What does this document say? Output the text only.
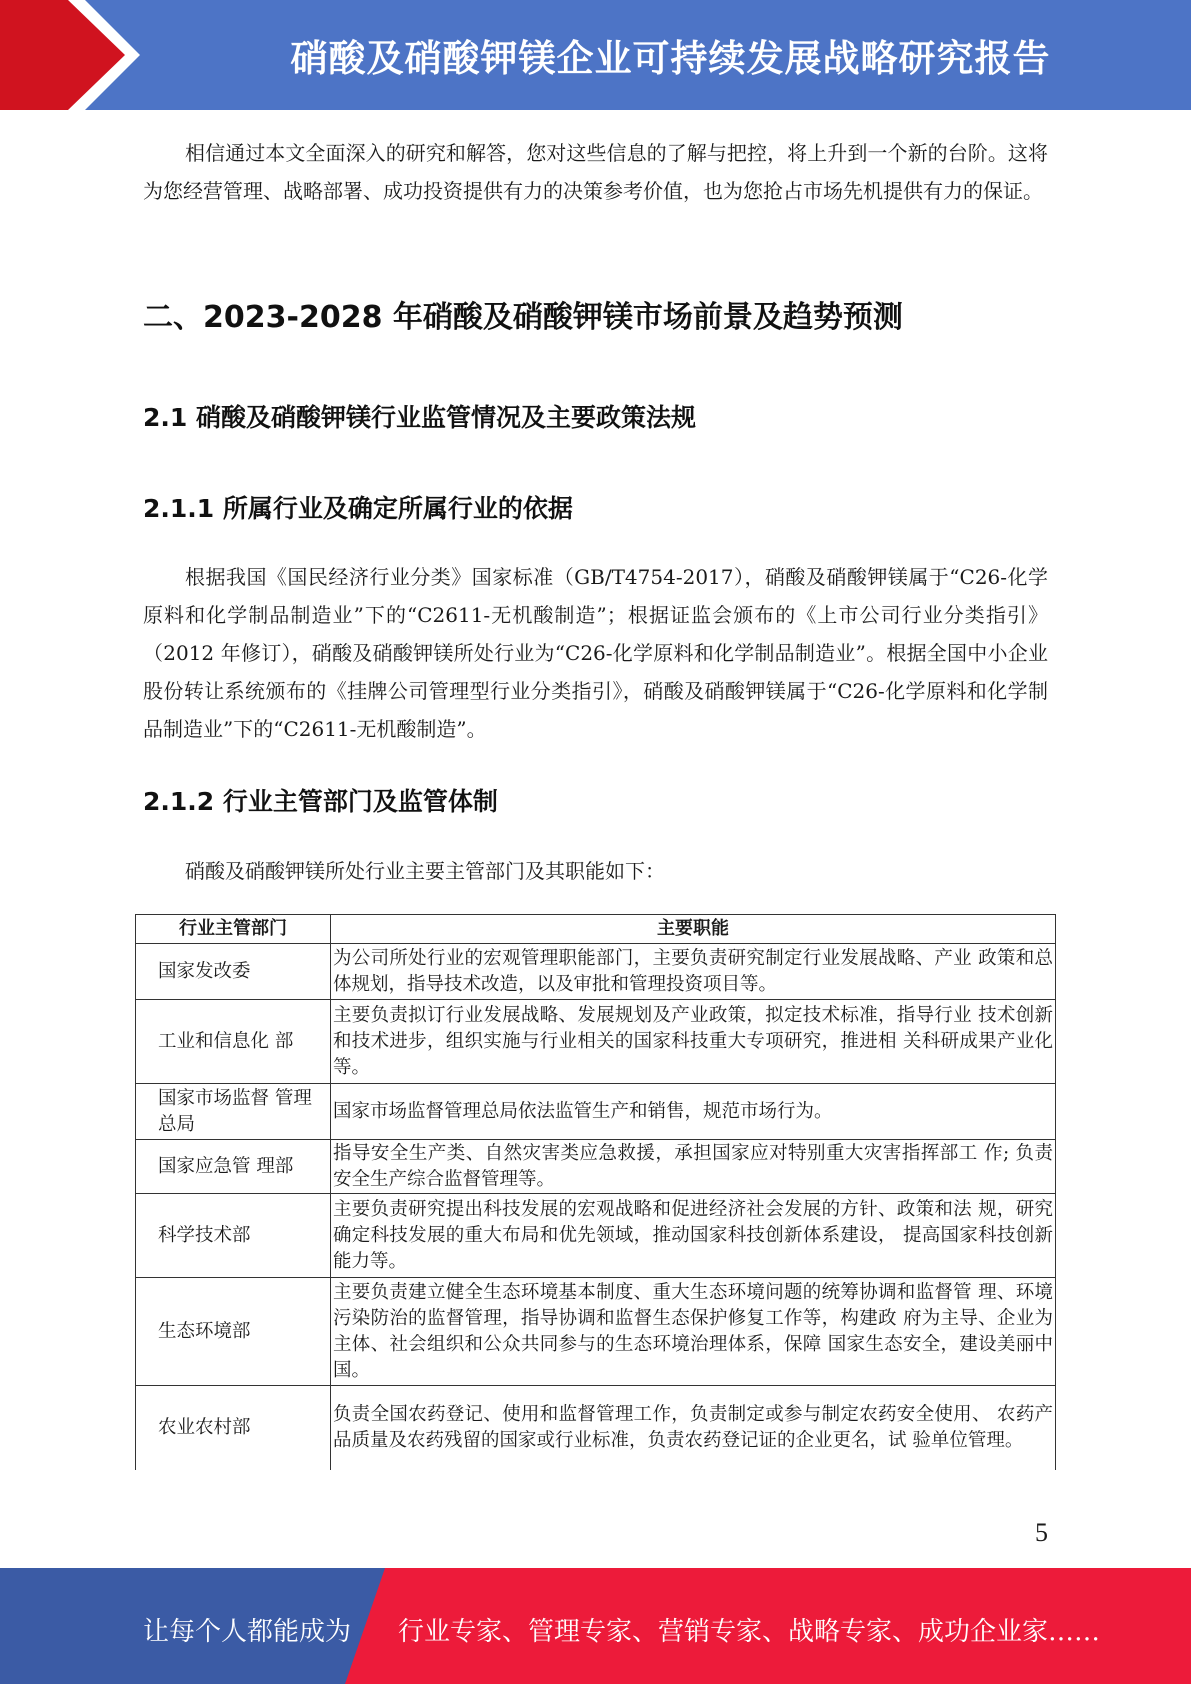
硝酸及硝酸钾镁企业可持续发展战略研究报告

相信通过本文全面深入的研究和解答，您对这些信息的了解与把控，将上升到一个新的台阶。这将为您经营管理、战略部署、成功投资提供有力的决策参考价值，也为您抢占市场先机提供有力的保证。

二、2023-2028 年硝酸及硝酸钾镁市场前景及趋势预测
2.1 硝酸及硝酸钾镁行业监管情况及主要政策法规
2.1.1 所属行业及确定所属行业的依据

根据我国《国民经济行业分类》国家标准（GB/T4754-2017），硝酸及硝酸钾镁属于“C26-化学原料和化学制品制造业”下的“C2611-无机酸制造”；根据证监会颁布的《上市公司行业分类指引》（2012 年修订），硝酸及硝酸钾镁所处行业为“C26-化学原料和化学制品制造业”。根据全国中小企业股份转让系统颁布的《挂牌公司管理型行业分类指引》，硝酸及硝酸钾镁属于“C26-化学原料和化学制品制造业”下的“C2611-无机酸制造”。

2.1.2 行业主管部门及监管体制

硝酸及硝酸钾镁所处行业主要主管部门及其职能如下：

行业主管部门	主要职能
国家发改委	为公司所处行业的宏观管理职能部门，主要负责研究制定行业发展战略、产业 政策和总体规划，指导技术改造，以及审批和管理投资项目等。
工业和信息化 部	主要负责拟订行业发展战略、发展规划及产业政策，拟定技术标准，指导行业 技术创新和技术进步，组织实施与行业相关的国家科技重大专项研究，推进相 关科研成果产业化等。
国家市场监督 管理总局	国家市场监督管理总局依法监管生产和销售，规范市场行为。
国家应急管 理部	指导安全生产类、自然灾害类应急救援，承担国家应对特别重大灾害指挥部工 作; 负责安全生产综合监督管理等。
科学技术部	主要负责研究提出科技发展的宏观战略和促进经济社会发展的方针、政策和法 规，研究确定科技发展的重大布局和优先领域，推动国家科技创新体系建设， 提高国家科技创新能力等。
生态环境部	主要负责建立健全生态环境基本制度、重大生态环境问题的统筹协调和监督管 理、环境污染防治的监督管理，指导协调和监督生态保护修复工作等，构建政 府为主导、企业为主体、社会组织和公众共同参与的生态环境治理体系，保障 国家生态安全，建设美丽中国。
农业农村部	负责全国农药登记、使用和监督管理工作，负责制定或参与制定农药安全使用、 农药产品质量及农药残留的国家或行业标准，负责农药登记证的企业更名，试 验单位管理。
5
让每个人都能成为 行业专家、管理专家、营销专家、战略专家、成功企业家……
